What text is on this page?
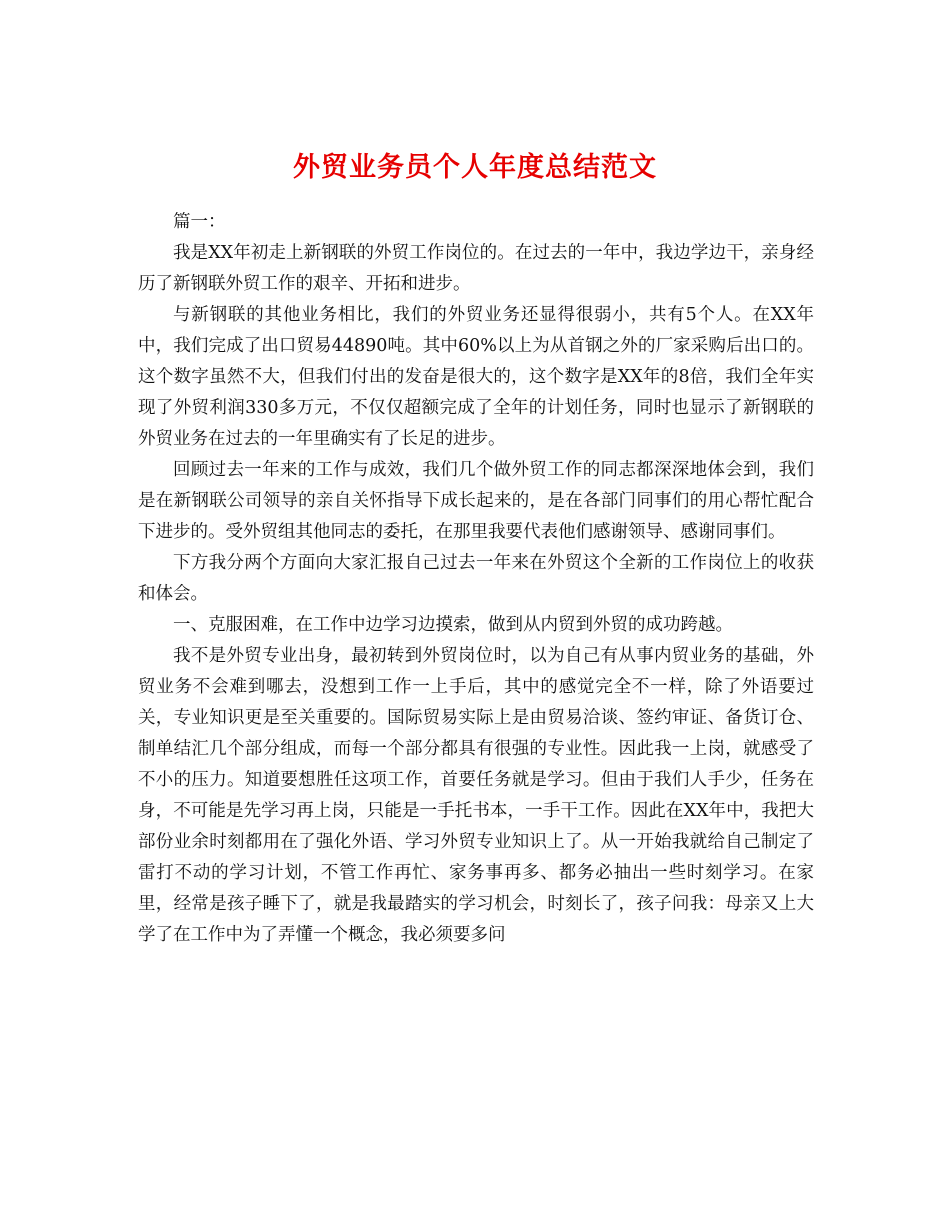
外贸业务员个人年度总结范文

篇一：

我是XX年初走上新钢联的外贸工作岗位的。在过去的一年中，我边学边干，亲身经历了新钢联外贸工作的艰辛、开拓和进步。

与新钢联的其他业务相比，我们的外贸业务还显得很弱小，共有5个人。在XX年中，我们完成了出口贸易44890吨。其中60%以上为从首钢之外的厂家采购后出口的。这个数字虽然不大，但我们付出的发奋是很大的，这个数字是XX年的8倍，我们全年实现了外贸利润330多万元，不仅仅超额完成了全年的计划任务，同时也显示了新钢联的外贸业务在过去的一年里确实有了长足的进步。

回顾过去一年来的工作与成效，我们几个做外贸工作的同志都深深地体会到，我们是在新钢联公司领导的亲自关怀指导下成长起来的，是在各部门同事们的用心帮忙配合下进步的。受外贸组其他同志的委托，在那里我要代表他们感谢领导、感谢同事们。

下方我分两个方面向大家汇报自己过去一年来在外贸这个全新的工作岗位上的收获和体会。

一、克服困难，在工作中边学习边摸索，做到从内贸到外贸的成功跨越。

我不是外贸专业出身，最初转到外贸岗位时，以为自己有从事内贸业务的基础，外贸业务不会难到哪去，没想到工作一上手后，其中的感觉完全不一样，除了外语要过关，专业知识更是至关重要的。国际贸易实际上是由贸易洽谈、签约审证、备货订仓、制单结汇几个部分组成，而每一个部分都具有很强的专业性。因此我一上岗，就感受了不小的压力。知道要想胜任这项工作，首要任务就是学习。但由于我们人手少，任务在身，不可能是先学习再上岗，只能是一手托书本，一手干工作。因此在XX年中，我把大部份业余时刻都用在了强化外语、学习外贸专业知识上了。从一开始我就给自己制定了雷打不动的学习计划，不管工作再忙、家务事再多、都务必抽出一些时刻学习。在家里，经常是孩子睡下了，就是我最踏实的学习机会，时刻长了，孩子问我：母亲又上大学了在工作中为了弄懂一个概念，我必须要多问
